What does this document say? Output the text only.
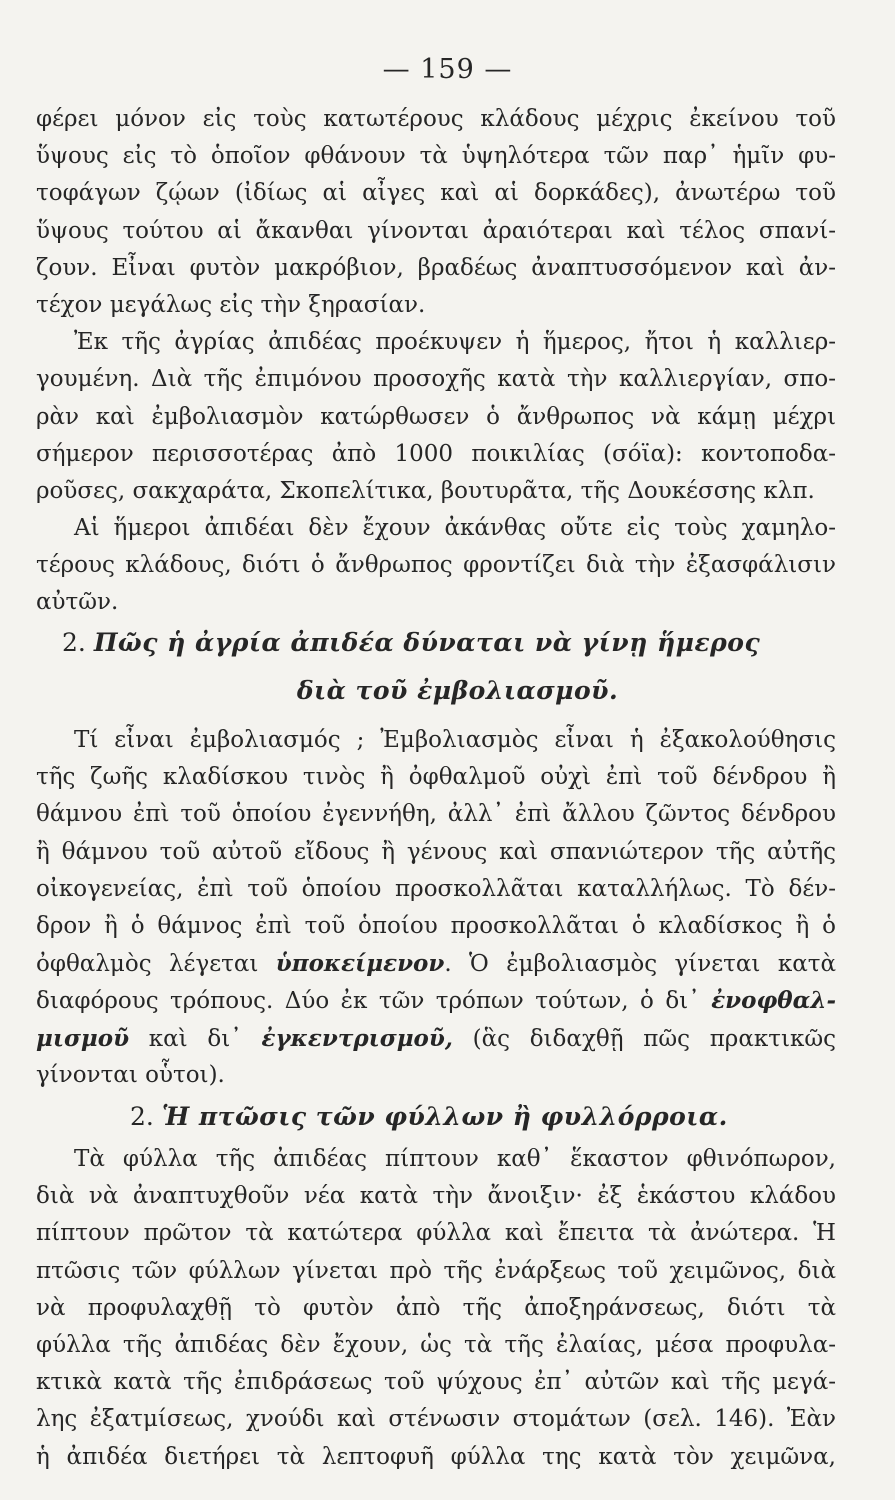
— 159 —
φέρει μόνον εἰς τοὺς κατωτέρους κλάδους μέχρις ἐκείνου τοῦ
ὕψους εἰς τὸ ὁποῖον φθάνουν τὰ ὑψηλότερα τῶν παρ᾽ ἡμῖν φυ-
τοφάγων ζῴων (ἰδίως αἱ αἶγες καὶ αἱ δορκάδες), ἀνωτέρω τοῦ
ὕψους τούτου αἱ ἄκανθαι γίνονται ἀραιότεραι καὶ τέλος σπανί-
ζουν. Εἶναι φυτὸν μακρόβιον, βραδέως ἀναπτυσσόμενον καὶ ἀν-
τέχον μεγάλως εἰς τὴν ξηρασίαν.
Ἐκ τῆς ἀγρίας ἀπιδέας προέκυψεν ἡ ἥμερος, ἤτοι ἡ καλλιερ-
γουμένη. Διὰ τῆς ἐπιμόνου προσοχῆς κατὰ τὴν καλλιεργίαν, σπο-
ρὰν καὶ ἐμβολιασμὸν κατώρθωσεν ὁ ἄνθρωπος νὰ κάμῃ μέχρι
σήμερον περισσοτέρας ἀπὸ 1000 ποικιλίας (σόϊα): κοντοποδα-
ροῦσες, σακχαράτα, Σκοπελίτικα, βουτυρᾶτα, τῆς Δουκέσσης κλπ.
Αἱ ἥμεροι ἀπιδέαι δὲν ἔχουν ἀκάνθας οὔτε εἰς τοὺς χαμηλο-
τέρους κλάδους, διότι ὁ ἄνθρωπος φροντίζει διὰ τὴν ἐξασφάλισιν
αὐτῶν.
2. Πῶς ἡ ἀγρία ἀπιδέα δύναται νὰ γίνῃ ἥμερος
διὰ τοῦ ἐμβολιασμοῦ.
Τί εἶναι ἐμβολιασμός ; Ἐμβολιασμὸς εἶναι ἡ ἐξακολούθησις
τῆς ζωῆς κλαδίσκου τινὸς ἢ ὀφθαλμοῦ οὐχὶ ἐπὶ τοῦ δένδρου ἢ
θάμνου ἐπὶ τοῦ ὁποίου ἐγεννήθη, ἀλλ᾽ ἐπὶ ἄλλου ζῶντος δένδρου
ἢ θάμνου τοῦ αὐτοῦ εἴδους ἢ γένους καὶ σπανιώτερον τῆς αὐτῆς
οἰκογενείας, ἐπὶ τοῦ ὁποίου προσκολλᾶται καταλλήλως. Τὸ δέν-
δρον ἢ ὁ θάμνος ἐπὶ τοῦ ὁποίου προσκολλᾶται ὁ κλαδίσκος ἢ ὁ
ὀφθαλμὸς λέγεται ὑποκείμενον. Ὁ ἐμβολιασμὸς γίνεται κατὰ
διαφόρους τρόπους. Δύο ἐκ τῶν τρόπων τούτων, ὁ δι᾽ ἐνοφθαλ-
μισμοῦ καὶ δι᾽ ἐγκεντρισμοῦ, (ἃς διδαχθῇ πῶς πρακτικῶς
γίνονται οὗτοι).
2. Ἡ πτῶσις τῶν φύλλων ἢ φυλλόρροια.
Τὰ φύλλα τῆς ἀπιδέας πίπτουν καθ᾽ ἕκαστον φθινόπωρον,
διὰ νὰ ἀναπτυχθοῦν νέα κατὰ τὴν ἄνοιξιν· ἐξ ἑκάστου κλάδου
πίπτουν πρῶτον τὰ κατώτερα φύλλα καὶ ἔπειτα τὰ ἀνώτερα. Ἡ
πτῶσις τῶν φύλλων γίνεται πρὸ τῆς ἐνάρξεως τοῦ χειμῶνος, διὰ
νὰ προφυλαχθῇ τὸ φυτὸν ἀπὸ τῆς ἀποξηράνσεως, διότι τὰ
φύλλα τῆς ἀπιδέας δὲν ἔχουν, ὡς τὰ τῆς ἐλαίας, μέσα προφυλα-
κτικὰ κατὰ τῆς ἐπιδράσεως τοῦ ψύχους ἐπ᾽ αὐτῶν καὶ τῆς μεγά-
λης ἐξατμίσεως, χνούδι καὶ στένωσιν στομάτων (σελ. 146). Ἐὰν
ἡ ἀπιδέα διετήρει τὰ λεπτοφυῆ φύλλα της κατὰ τὸν χειμῶνα,
